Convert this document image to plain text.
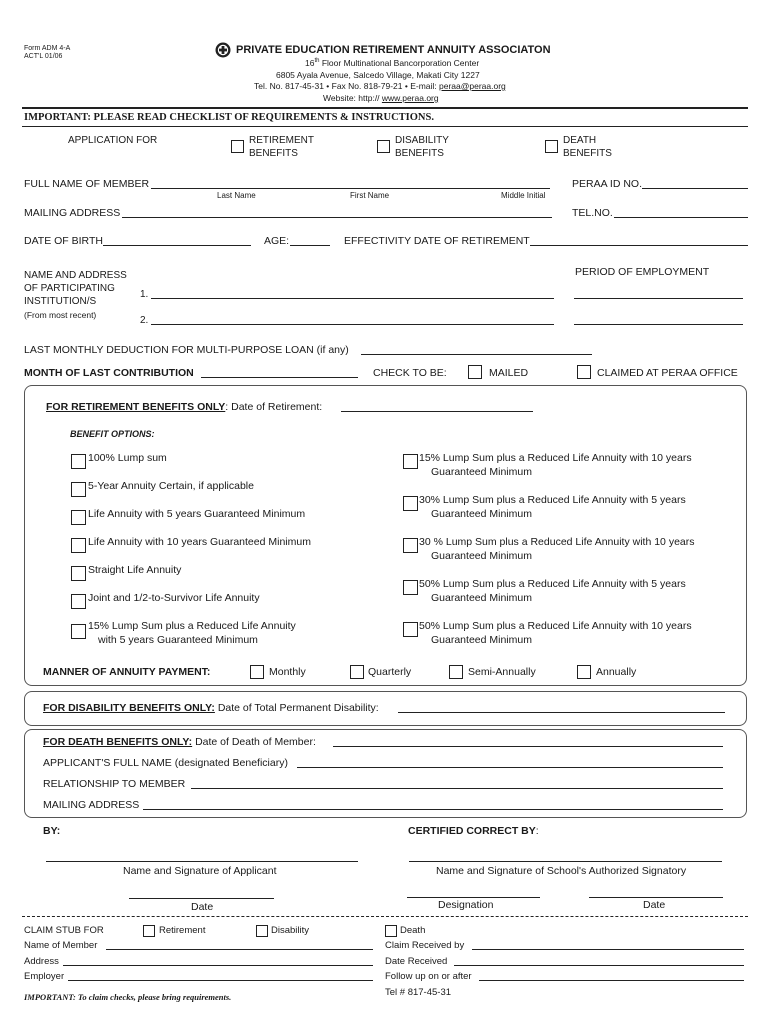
Form ADM 4-A
ACT'L 01/06
PRIVATE EDUCATION RETIREMENT ANNUITY ASSOCIATON
16th Floor Multinational Bancorporation Center
6805 Ayala Avenue, Salcedo Village, Makati City 1227
Tel. No. 817-45-31 • Fax No. 818-79-21 • E-mail: peraa@peraa.org
Website: http:// www.peraa.org
IMPORTANT: PLEASE READ CHECKLIST OF REQUIREMENTS & INSTRUCTIONS.
APPLICATION FOR	RETIREMENT
BENEFITS
DISABILITY
BENEFITS
DEATH
BENEFITS
FULL NAME OF MEMBER
Last Name	First Name	Middle Initial
PERAA ID NO.
MAILING ADDRESS	TEL.NO.
DATE OF BIRTH	AGE:	EFFECTIVITY DATE OF RETIREMENT
NAME AND ADDRESS
OF PARTICIPATING
INSTITUTION/S
(From most recent)
1.
2.
PERIOD OF EMPLOYMENT
LAST MONTHLY DEDUCTION FOR MULTI-PURPOSE LOAN (if any)
MONTH OF LAST CONTRIBUTION	CHECK TO BE:	MAILED	CLAIMED AT PERAA OFFICE
FOR RETIREMENT BENEFITS ONLY: Date of Retirement:
BENEFIT OPTIONS:
100% Lump sum
5-Year Annuity Certain, if applicable
Life Annuity with 5 years Guaranteed Minimum
Life Annuity with 10 years Guaranteed Minimum
Straight Life Annuity
Joint and 1/2-to-Survivor Life Annuity
15% Lump Sum plus a Reduced Life Annuity
with 5 years Guaranteed Minimum
15% Lump Sum plus a Reduced Life Annuity with 10 years
Guaranteed Minimum
30% Lump Sum plus a Reduced Life Annuity with 5 years
Guaranteed Minimum
30 % Lump Sum plus a Reduced Life Annuity with 10 years
Guaranteed Minimum
50% Lump Sum plus a Reduced Life Annuity with 5 years
Guaranteed Minimum
50% Lump Sum plus a Reduced Life Annuity with 10 years
Guaranteed Minimum
MANNER OF ANNUITY PAYMENT:	Monthly	Quarterly	Semi-Annually	Annually
FOR DISABILITY BENEFITS ONLY: Date of Total Permanent Disability:
FOR DEATH BENEFITS ONLY: Date of Death of Member:
APPLICANT'S FULL NAME (designated Beneficiary)
RELATIONSHIP TO MEMBER
MAILING ADDRESS
BY:	CERTIFIED CORRECT BY:
Name and Signature of Applicant	Name and Signature of School's Authorized Signatory
Date	Designation	Date
CLAIM STUB FOR	Retirement	Disability	Death
Name of Member
Address
Employer
Claim Received by
Date Received
Follow up on or after
Tel # 817-45-31
IMPORTANT: To claim checks, please bring requirements.
